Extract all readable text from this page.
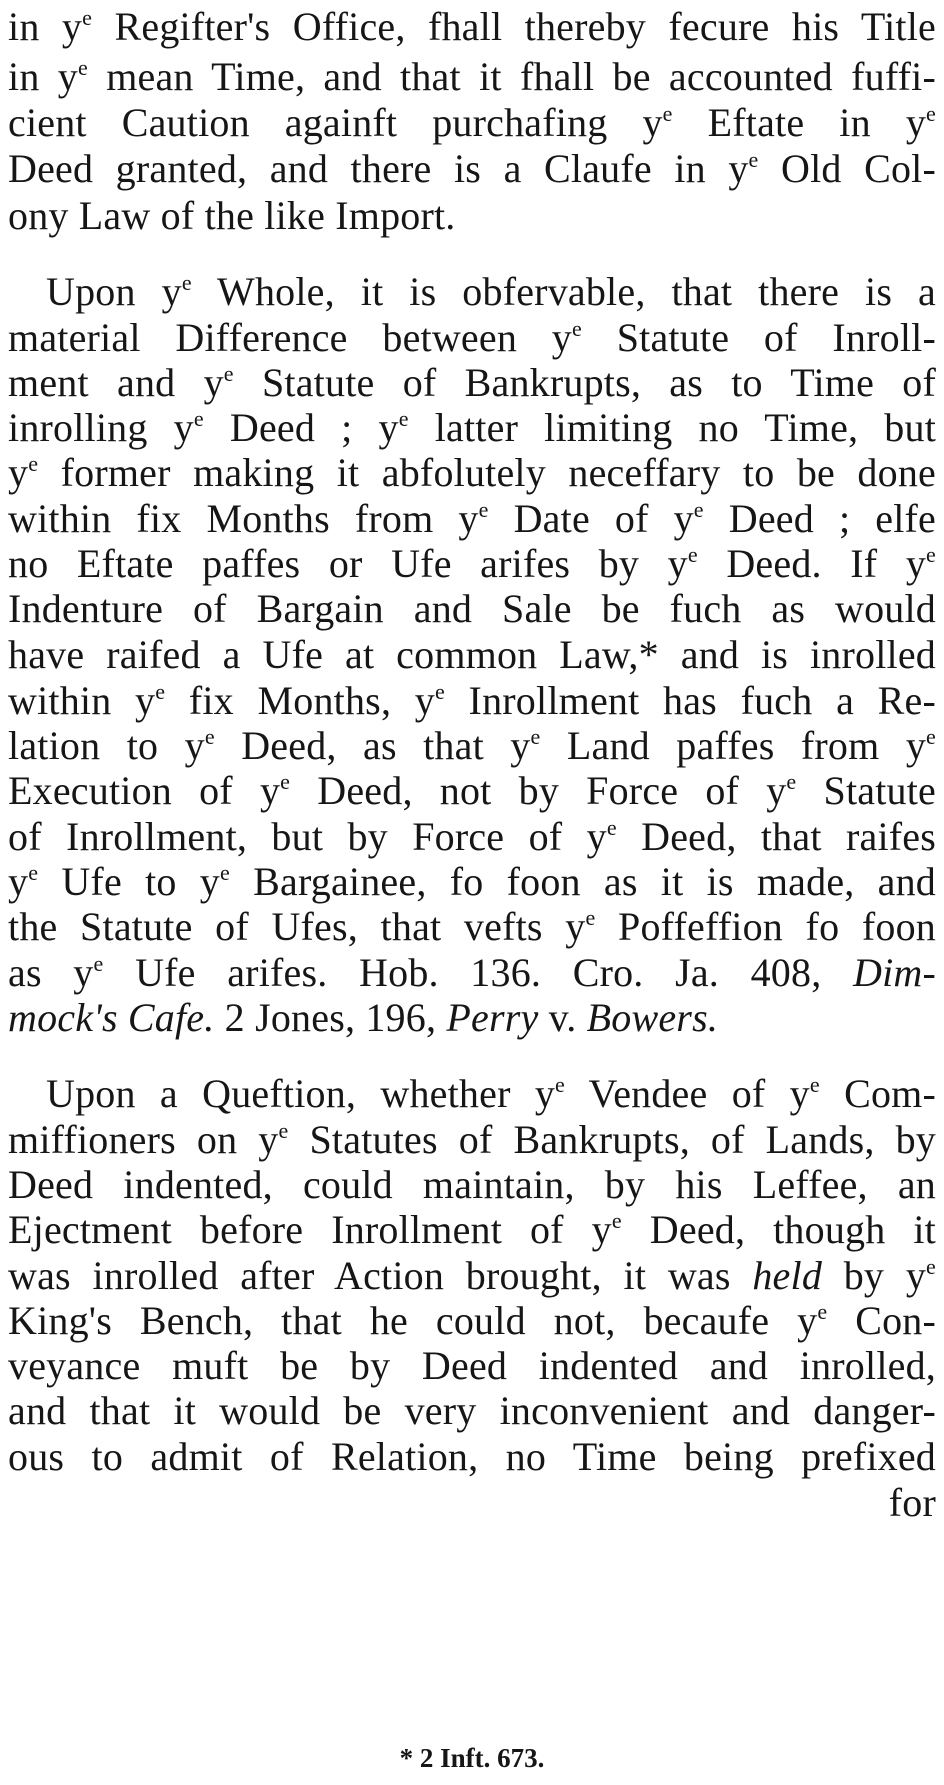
in $y^e$ Regifter's Office, fhall thereby fecure his Title
in $y^e$ mean Time, and that it fhall be accounted fuffi-
cient Caution againft purchafing $y^e$ Eftate in $y^e$
Deed granted, and there is a Claufe in $y^e$ Old Col-
ony Law of the like Import.
Upon $y^e$ Whole, it is obfervable, that there is a
material Difference between $y^e$ Statute of Inroll-
ment and $y^e$ Statute of Bankrupts, as to Time of
inrolling $y^e$ Deed ; $y^e$ latter limiting no Time, but
$y^e$ former making it abfolutely neceffary to be done
within fix Months from $y^e$ Date of $y^e$ Deed ; elfe
no Eftate paffes or Ufe arifes by $y^e$ Deed. If $y^e$
Indenture of Bargain and Sale be fuch as would
have raifed a Ufe at common Law,* and is inrolled
within $y^e$ fix Months, $y^e$ Inrollment has fuch a Re-
lation to $y^e$ Deed, as that $y^e$ Land paffes from $y^e$
Execution of $y^e$ Deed, not by Force of $y^e$ Statute
of Inrollment, but by Force of $y^e$ Deed, that raifes
$y^e$ Ufe to $y^e$ Bargainee, fo foon as it is made, and
the Statute of Ufes, that vefts $y^e$ Poffeffion fo foon
as $y^e$ Ufe arifes. Hob. 136. Cro. Ja. 408, Dim-
mock's Cafe. 2 Jones, 196, Perry v. Bowers.
Upon a Queftion, whether $y^e$ Vendee of $y^e$ Com-
miffioners on $y^e$ Statutes of Bankrupts, of Lands, by
Deed indented, could maintain, by his Leffee, an
Ejectment before Inrollment of $y^e$ Deed, though it
was inrolled after Action brought, it was held by $y^e$
King's Bench, that he could not, becaufe $y^e$ Con-
veyance muft be by Deed indented and inrolled,
and that it would be very inconvenient and danger-
ous to admit of Relation, no Time being prefixed
for
* 2 Inft. 673.
